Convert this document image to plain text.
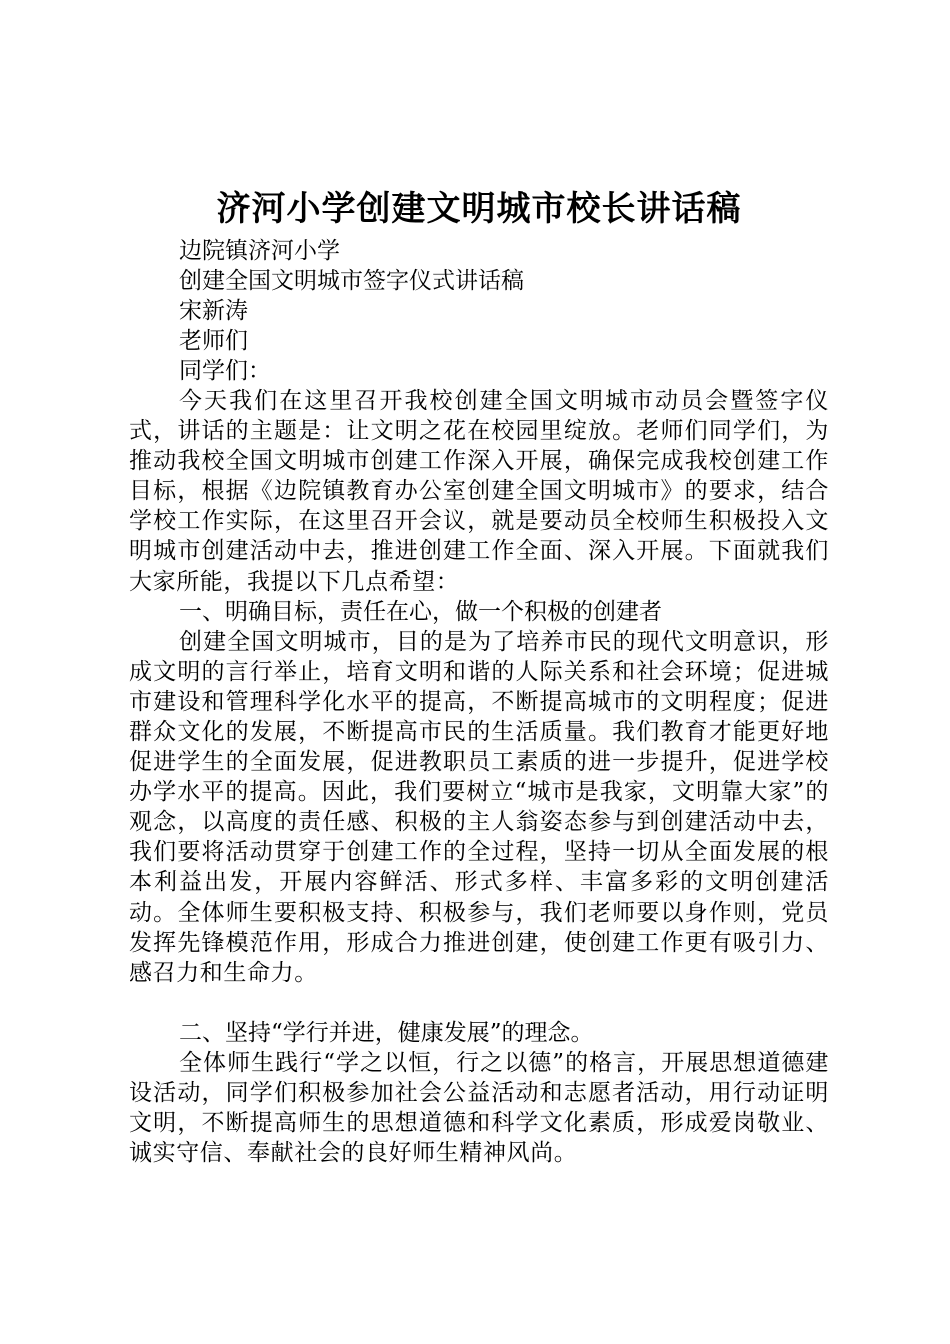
济河小学创建文明城市校长讲话稿

边院镇济河小学

创建全国文明城市签字仪式讲话稿

宋新涛

老师们

同学们：

今天我们在这里召开我校创建全国文明城市动员会暨签字仪式，讲话的主题是：让文明之花在校园里绽放。老师们同学们，为推动我校全国文明城市创建工作深入开展，确保完成我校创建工作目标，根据《边院镇教育办公室创建全国文明城市》的要求，结合学校工作实际，在这里召开会议，就是要动员全校师生积极投入文明城市创建活动中去，推进创建工作全面、深入开展。下面就我们大家所能，我提以下几点希望：

一、明确目标，责任在心，做一个积极的创建者

创建全国文明城市，目的是为了培养市民的现代文明意识，形成文明的言行举止，培育文明和谐的人际关系和社会环境；促进城市建设和管理科学化水平的提高，不断提高城市的文明程度；促进群众文化的发展，不断提高市民的生活质量。我们教育才能更好地促进学生的全面发展，促进教职员工素质的进一步提升，促进学校办学水平的提高。因此，我们要树立“城市是我家，文明靠大家”的观念，以高度的责任感、积极的主人翁姿态参与到创建活动中去，我们要将活动贯穿于创建工作的全过程，坚持一切从全面发展的根本利益出发，开展内容鲜活、形式多样、丰富多彩的文明创建活动。全体师生要积极支持、积极参与，我们老师要以身作则，党员发挥先锋模范作用，形成合力推进创建，使创建工作更有吸引力、感召力和生命力。

二、坚持“学行并进，健康发展”的理念。

全体师生践行“学之以恒，行之以德”的格言，开展思想道德建设活动，同学们积极参加社会公益活动和志愿者活动，用行动证明文明，不断提高师生的思想道德和科学文化素质，形成爱岗敬业、诚实守信、奉献社会的良好师生精神风尚。
